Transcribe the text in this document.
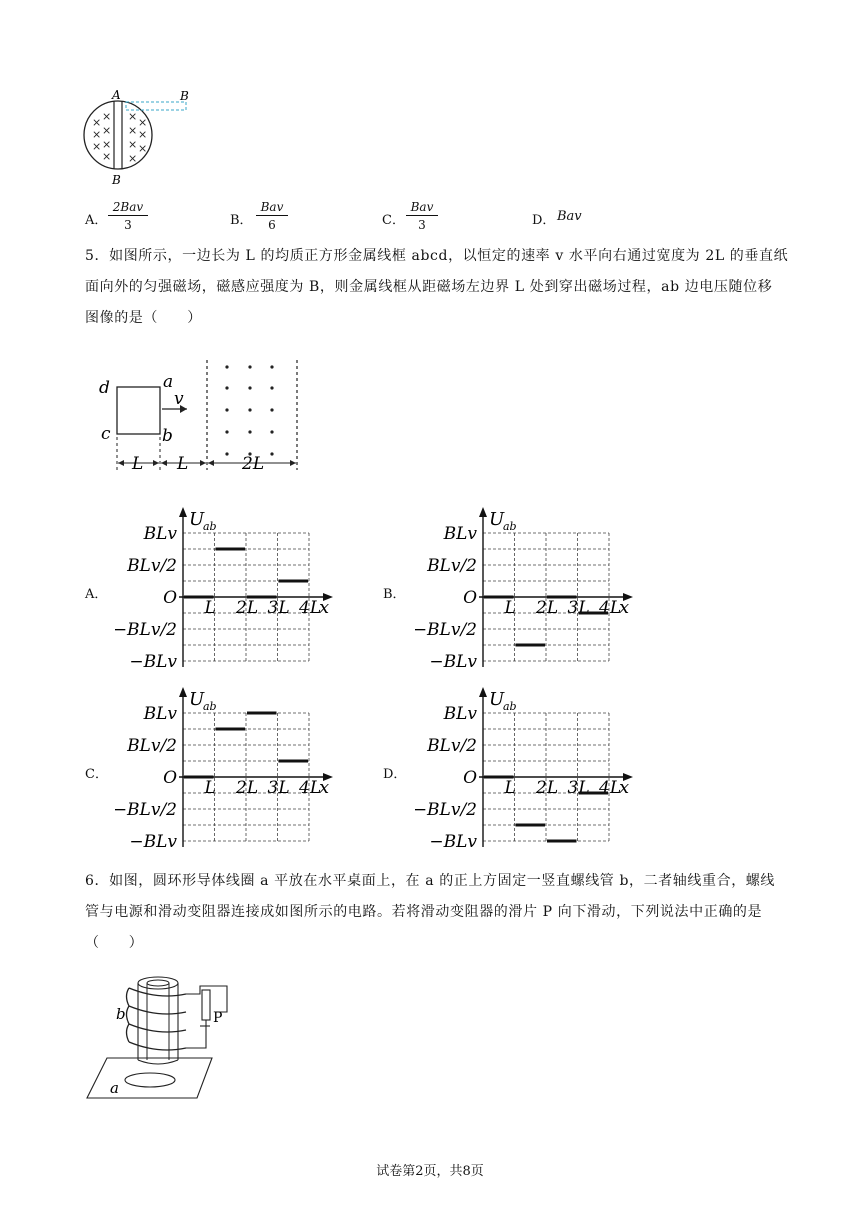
× ×
× ×
× ×
× ×
× ×
× ×
× ×
A	B
B
A．
2Bav
3	B．
Bav
6	C．
Bav
3	D． Bav
5．如图所示，一边长为 L 的均质正方形金属线框 abcd，以恒定的速率 v 水平向右通过宽度为 2L 的垂直纸
面向外的匀强磁场，磁感应强度为 B，则金属线框从距磁场左边界 L 处到穿出磁场过程，ab 边电压随位移
图像的是（　　）
d	a
c	b
v
L L	2L
A．	B．
C．	D．
BLv
BLv/2
O
−BLv/2
−BLv
U
ab
L 2L 3L 4L
x
BLv
BLv/2
O
−BLv/2
−BLv
U
ab
L 2L 3L 4L
x
BLv
BLv/2
O
−BLv/2
−BLv
U
ab
L 2L 3L 4L
x
BLv
BLv/2
O
−BLv/2
−BLv
U
ab
L 2L 3L 4L
x
6．如图，圆环形导体线圈 a 平放在水平桌面上，在 a 的正上方固定一竖直螺线管 b，二者轴线重合，螺线
管与电源和滑动变阻器连接成如图所示的电路。若将滑动变阻器的滑片 P 向下滑动，下列说法中正确的是
（　　）
b	P
a
试卷第2页，共8页
